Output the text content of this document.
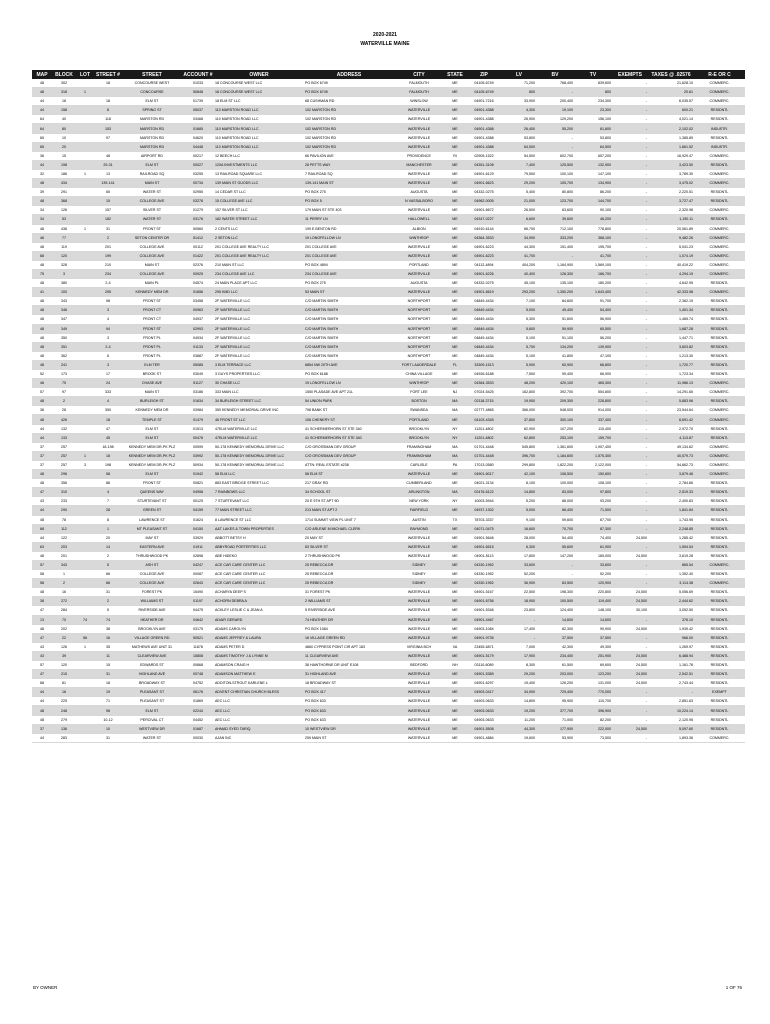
2020-2021
WATERVILLE MAINE
MAP	BLOCK	LOT	STREET #	STREET	ACCOUNT #	OWNER	ADDRESS	CITY	STATE	ZIP	LV	BV	TV	EXEMPTS	TAXES @ .02576	R-E OR C
48	302		18	CONCOURSE WEST	01033	18 CONCOURSE WEST LLC	PO BOX 6749	FALMOUTH	ME	04105-6749	71,200	768,400	839,600	-	21,628.10	COMMERC.
48	318	1		CONCOURSE	50848	18 CONCOURSE WEST LLC	PO BOX 6749	FALMOUTH	ME	04105-6749	800	-	800	-	20.61	COMMERC.
44	16		18	ELM ST	01739	18 ELM ST LLC	68 CUSHMAN RD	WINSLOW	ME	04901-7216	33,900	200,400	234,300	-	6,035.57	COMMERC.
44	158		8	SPRING ST	05037	110 MARSTON ROAD LLC	102 MARSTON RD	WATERVILLE	ME	04901-4388	4,300	19,100	23,300	-	600.21	RESIDNTL
64	40		118	MARSTON RD	03468	110 MARSTON ROAD LLC	102 MARSTON RD	WATERVILLE	ME	04901-4388	26,900	129,200	156,100	-	4,021.14	RESIDNTL
64	80		153	MARSTON RD	01685	110 MARSTON ROAD LLC	102 MARSTON RD	WATERVILLE	ME	04901-4388	26,400	55,200	81,600	-	2,102.02	INDUSTR.
65	10		97	MARSTON RD	04620	110 MARSTON ROAD LLC	102 MARSTON RD	WATERVILLE	ME	04901-4388	53,800	-	53,800	-	1,385.89	RESIDNTL
65	20			MARSTON RD	04448	110 MARSTON ROAD LLC	102 MARSTON RD	WATERVILLE	ME	04901-4388	64,500	-	64,500	-	1,661.52	INDUSTR.
36	15		48	AIRPORT RD	00217	12 BEECH LLC	66 PAVILION AVE	PROVIDENCE	RI	02905-1522	54,500	602,700	657,200	-	16,929.47	COMMERC.
44	198		29-31	ELM ST	00027	120A INVESTMENTS LLC	28 PETTS WAY	MANCHESTER	ME	04351-3108	7,400	125,500	132,900	-	3,423.50	RESIDNTL
32	186	1	13	RAILROAD SQ	03255	13 RAILROAD SQUARE LLC	7 RAILROAD SQ	WATERVILLE	ME	04901-6129	79,500	100,100	147,100	-	3,789.30	COMMERC.
48	434		139-141	MAIN ST	00734	139 MAIN ST GUODS LLC	139-141 MAIN ST	WATERVILLE	ME	04901-6623	29,200	105,700	134,900	-	3,475.02	COMMERC.
39	291		65	WATER ST	02955	14 CEDAR ST LLC	PO BOX 275	AUGUSTA	ME	04332-0275	5,400	80,800	86,200	-	2,220.51	RESIDNTL
48	368		15	COLLEGE AVE	03278	15 COLLEGE AVE LLC	PO BOX 5	N VASSALBORO	ME	04962-0005	21,000	123,700	144,700	-	3,727.47	RESIDNTL
34	126		157	SILVER ST	01279	157 SILVER ST LLC	179 MAIN ST STE 403	WATERVILLE	ME	04901-6672	26,500	63,600	90,100	-	2,320.98	COMMERC.
34	53		182	WATER ST	03176	182 WATER STREET LLC	11 PERRY LN	HALLOWELL	ME	04347-0227	6,600	39,600	46,200	-	1,190.11	RESIDNTL
48	436	1	31	FRONT ST	50560	2 CENTS LLC	199 E BENTON RD	ALBION	ME	04910-6144	66,700	712,100	778,800	-	20,061.89	COMMERC.
46	77		2	SETON CENTER DR	51412	2 SETON LLC	19 LONGFELLOW LN	WINTHROP	ME	04364-3533	34,900	333,200	368,100	-	9,482.26	COMMERC.
48	119		201	COLLEGE AVE	00112	201 COLLEGE AVE REALTY LLC	201 COLLEGE AVE	WATERVILLE	ME	04901-6223	44,300	151,400	195,700	-	5,041.23	COMMERC.
68	120		199	COLLEGE AVE	01422	201 COLLEGE AVE REALTY LLC	201 COLLEGE AVE	WATERVILLE	ME	04901-6223	41,700	-	41,700	-	1,074.19	COMMERC.
48	328		210	MAIN ST	02376	210 MAIN ST LLC	PO BOX 4894	PORTLAND	ME	04112-4894	404,200	1,164,900	1,569,100	-	40,419.22	COMMERC.
75	3		234	COLLEGE AVE	00925	234 COLLEGE AVE LLC	234 COLLEGE AVE	WATERVILLE	ME	04901-6226	40,400	126,300	166,700	-	4,294.19	COMMERC.
48	380		2-4	MAIN PL	04574	24 MAIN PLACE APT LLC	PO BOX 275	AUGUSTA	ME	04332-0275	45,100	135,100	180,200	-	4,642.95	RESIDNTL
41	100		295	KENNEDY MEM DR	01656	295 KMD LLC	53 MAIN ST	WATERVILLE	ME	04901-6619	293,200	1,350,200	1,643,400	-	42,333.98	COMMERC.
48	343		98	FRONT ST	03458	2F WATERVILLE LLC	C/O MARTIN SMITH	NORTHPORT	ME	04849-4434	7,100	84,600	91,700	-	2,362.19	RESIDNTL
48	346		3	FRONT CT	00963	2F WATERVILLE LLC	C/O MARTIN SMITH	NORTHPORT	ME	04849-4434	5,000	49,400	54,400	-	1,401.34	RESIDNTL
48	347		4	FRONT CT	04937	2F WATERVILLE LLC	C/O MARTIN SMITH	NORTHPORT	ME	04849-4434	5,300	51,600	56,900	-	1,465.74	RESIDNTL
48	349		94	FRONT ST	02993	2F WATERVILLE LLC	C/O MARTIN SMITH	NORTHPORT	ME	04849-4434	5,600	59,900	65,500	-	1,687.28	RESIDNTL
48	350		3	FRONT PL	04934	2F WATERVILLE LLC	C/O MARTIN SMITH	NORTHPORT	ME	04849-4434	5,100	51,100	56,200	-	1,447.71	RESIDNTL
48	351		2-4	FRONT PL	01133	2F WATERVILLE LLC	C/O MARTIN SMITH	NORTHPORT	ME	04849-4434	5,700	134,200	139,900	-	3,603.82	RESIDNTL
48	362		6	FRONT PL	03887	2F WATERVILLE LLC	C/O MARTIN SMITH	NORTHPORT	ME	04849-4434	5,100	41,800	47,100	-	1,213.30	RESIDNTL
48	241		3	ELM TER	05085	3 ELM TERRACE LLC	6854 NW 20TH AVE	FORT LAUDERDALE	FL	33309-1513	5,900	60,900	66,800	-	1,720.77	RESIDNTL
52	173		17	BROOK ST	03049	3 GUYS PROPERTIES LLC	PO BOX 6188	CHINA VILLAGE	ME	04926-6188	7,500	59,400	66,900	-	1,723.34	RESIDNTL
46	75		24	CHASE AVE	51127	30 CHASE LLC	19 LONGFELLOW LN	WINTHROP	ME	04364-3533	48,200	420,100	465,300	-	11,986.13	COMMERC.
57	97		333	MAIN ST	03186	333 MAIN LLC	1550 PLASADE AVE APT 21L	FORT LEE	NJ	07024-5425	162,800	392,700	554,800	-	14,291.65	COMMERC.
48	2		4	BURLEIGH ST	01634	34 BURLEIGH STREET LLC	54 UNION PARK	BOSTON	MA	02118-3715	19,900	209,300	228,800	-	5,883.96	RESIDNTL
36	28		350	KENNEDY MEM DR	03984	350 KENNEDY MEMORIAL DRIVE INC	798 BANK ST	SWANSEA	MA	02777-4865	366,000	548,000	914,000	-	23,544.64	COMMERC.
48	426		18	TEMPLE ST	01479	46 FRONT ST LLC	106 CHENERY ST	PORTLAND	ME	04103-4345	37,800	300,100	337,400	-	8,691.42	COMMERC.
44	132		47	ELM ST	01513	47ELM WATERVILLE LLC	41 SCHERMERHORN ST STE 340	BROOKLYN	NY	11201-4802	82,900	107,200	115,400	-	2,972.70	RESIDNTL
44	133		45	ELM ST	00478	47ELM WATERVILLE LLC	41 SCHERMERHORN ST STE 340	BROOKLYN	NY	11201-4802	62,800	253,100	159,700	-	4,113.87	RESIDNTL
37	257		18-198	KENNEDY MEM DR-PK PLZ	00599	50-178 KENNEDY MEMORIAL DRIVE LLC	C/O GROSSMAN DEV GROUP	FRAMINGHAM	MA	01701-4448	545,800	1,361,600	1,907,400	-	49,134.62	COMMERC.
37	257	1	18	KENNEDY MEM DR-PK PLZ	03992	50-178 KENNEDY MEMORIAL DRIVE LLC	C/O GROSSMAN DEV GROUP	FRAMINGHAM	MA	01701-4448	396,700	1,184,600	1,575,300	-	40,579.73	COMMERC.
37	257	3	198	KENNEDY MEM DR-PK PLZ	50934	50-178 KENNEDY MEMORIAL DRIVE LLC	ATTN: REAL ESTATE #238	CARLISLE	PA	17013-0580	299,800	1,822,200	2,122,000	-	54,662.73	COMMERC.
48	296		58	ELM ST	01942	58 ELM LLC	58 ELM ST	WATERVILLE	ME	04901-6017	42,100	108,500	150,600	-	3,879.46	COMMERC.
48	356		88	FRONT ST	00821	883 EAST BRIDGE STREET LLC	217 GRAY RD	CUMBERLAND	ME	04021-3134	8,100	100,000	108,100	-	2,784.66	RESIDNTL
47	310		4	QUEENS WAY	04958	7 RAINBOWS LLC	34 SCHOOL ST	ARLINGTON	MA	02476-6122	14,800	83,000	97,800	-	2,519.33	RESIDNTL
43	233		7	STURTEVANT ST	00125	7 STURTEVANT LLC	20 E 9TH ST APT 9D	NEW YORK	NY	10003-5944	5,200	88,000	93,200	-	2,400.83	RESIDNTL
44	290		28	GREEN ST	04159	77 MAIN STREET LLC	213 MAIN ST APT 2	FAIRFIELD	ME	04937-1302	5,000	66,400	71,500	-	1,841.84	RESIDNTL
48	78		8	LAWRENCE ST	01624	8 LAWRENCE ST LLC	1714 SUMMIT VIEW PL UNIT 7	AUSTIN	TX	78703-3337	9,100	59,600	67,700	-	1,743.95	RESIDNTL
68	112		1	MT PLEASANT ST	04150	A&T LAKES & TOWN PROPERTIES	C/O ARLENE M MICHAEL CLERK	RAYMOND	ME	04071-0475	16,600	70,700	87,300	-	2,248.85	RESIDNTL
44	122		20	MAY ST	03929	ABBOTT BETSY H	20 MAY ST	WATERVILLE	ME	04901-5646	28,000	54,400	74,400	24,500	1,285.42	RESIDNTL
63	203		14	EASTERN AVE	01911	ABBYROAD PORTERTIES LLC	63 SILVER ST	WATERVILLE	ME	04901-6515	6,300	55,600	61,900	-	1,594.54	RESIDNTL
48	201		2	THRUSHWOOD PK	02898	ABE HIDEKO	2 THRUSHWOOD PK	WATERVILLE	ME	04901-5113	17,800	147,200	165,000	24,500	3,619.28	RESIDNTL
57	343		5	ASH ST	04247	ACE CAR CARE CENTER LLC	25 REBECCA DR	SIDNEY	ME	04330-1952	33,600	-	33,600	-	865.54	COMMERC.
58	1		66	COLLEGE AVE	00087	ACE CAR CARE CENTER LLC	25 REBECCA DR	SIDNEY	ME	04330-1952	52,200	-	52,200	-	1,352.40	RESIDNTL
58	2		68	COLLEGE AVE	02643	ACE CAR CARE CENTER LLC	25 REBECCA DR	SIDNEY	ME	04330-1952	36,900	83,500	120,900	-	3,114.38	COMMERC.
48	16		31	FOREST PK	15490	ACHARYA DEEP S	31 FOREST PK	WATERVILLE	ME	04901-5167	22,500	198,300	220,800	24,500	5,056.69	RESIDNTL
38	272		2	WILLIAMS ST	01197	ACHORN DEBRA A	2 WILLIAMS ST	WATERVILLE	ME	04901-6756	18,900	100,500	119,400	24,500	2,444.62	RESIDNTL
47	284		5	RIVERSIDE AVE	04475	ACKLEY LESLIE C & JEAN A	5 RIVERSIDE AVE	WATERVILLE	ME	04901-5346	23,800	124,400	148,100	30,100	3,052.50	RESIDNTL
13	70	74	74	HEATHER DR	04642	ADAIR GERARD	74 HEATHER DR	WATERVILLE	ME	04901-4467	-	14,600	14,600	-	376.10	RESIDNTL
48	202		38	BROOKLYN AVE	03175	ADAMS CAROLYN	PO BOX 1084	WATERVILLE	ME	04903-1084	17,400	82,300	99,900	24,500	1,939.42	RESIDNTL
47	22	56	16	VILLAGE GREEN RD	50521	ADAMS JEFFREY & LAURA	16 VILLAGE GREEN RD	WATERVILLE	ME	04901-9735	-	37,500	37,500	-	966.00	RESIDNTL
43	126	1	35	MATHEWS AVE UNIT 31	11878	ADAMS PETER D	4860 CYPRESS POINT CIR APT 183	VIRGINIA BCH	VA	23455-6871	7,000	42,300	49,300	-	1,269.97	RESIDNTL
43	39		11	CLEARVIEW AVE	15808	ADAMS TIMOTHY J & LYNNE M	11 CLEARVIEW AVE	WATERVILLE	ME	04901-5179	17,900	234,400	251,900	24,500	6,488.94	RESIDNTL
57	120		15	EDWARDS ST	00868	ADAMSON CRAIG H	38 HAWTHORNE DR UNIT E108	BEDFORD	NH	03110-6089	8,300	61,500	69,600	24,500	1,161.78	RESIDNTL
47	215		31	HIGHLAND AVE	00748	ADAMSON MATTHEW E	31 HIGHLAND AVE	WATERVILLE	ME	04901-5389	29,200	203,000	123,200	24,500	2,542.51	RESIDNTL
68	81		18	BROADWAY ST	04752	ADDITON-STROUT KARLENE L	18 BROADWAY ST	WATERVILLE	ME	04901-6297	19,400	126,200	131,000	24,500	2,743.44	RESIDNTL
44	16		19	PLEASANT ST	06176	ADVENT CHRISTIAN CHURCH BLESS	PO BOX 417	WATERVILLE	ME	04903-0417	34,900	729,400	770,000	-	-	EXEMPT
44	225		71	PLEASANT ST	01869	AEC LLC	PO BOX 633	WATERVILLE	ME	04903-0633	14,800	95,900	110,700	-	2,851.63	RESIDNTL
48	248		98	ELM ST	02244	AEC LLC	PO BOX 633	WATERVILLE	ME	04903-0633	19,200	377,700	396,900	-	10,224.14	RESIDNTL
48	279		10-12	PERCIVAL CT	04452	AEC LLC	PO BOX 633	WATERVILLE	ME	04903-0633	11,200	71,000	82,200	-	2,120.95	RESIDNTL
37	136		10	WESTVIEW DR	01687	AHMAD SYED TARIQ	10 WESTVIEW DR	WATERVILLE	ME	04901-5508	44,300	177,900	222,000	24,500	5,097.60	RESIDNTL
44	283		31	WATER ST	00030	AJAN INC	259 MAIN ST	WATERVILLE	ME	04901-4884	19,600	53,900	73,500	-	1,893.36	COMMERC.
BY OWNER	1 OF 76
